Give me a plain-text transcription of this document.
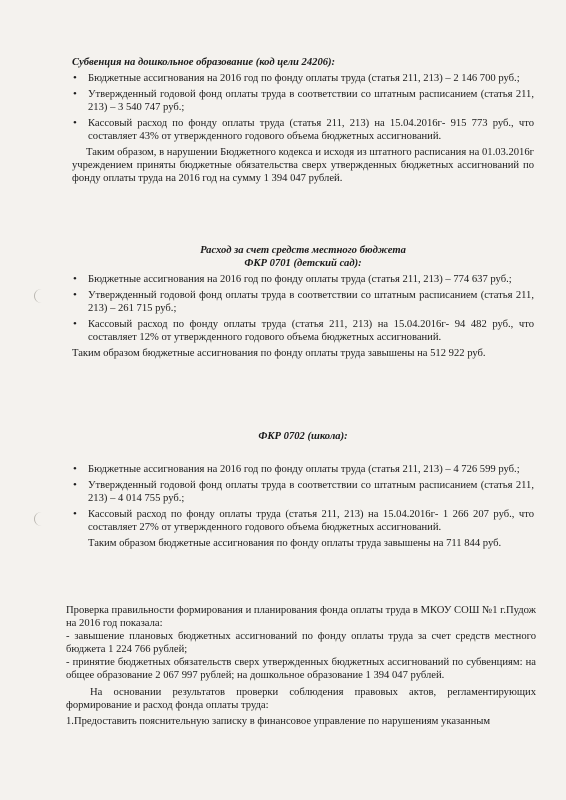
Субвенция на дошкольное образование (код цели 24206):

• Бюджетные ассигнования на 2016 год по фонду оплаты труда (статья 211, 213) – 2 146 700 руб.;
• Утвержденный годовой фонд оплаты труда в соответствии со штатным расписанием (статья 211, 213) – 3 540 747 руб.;
• Кассовый расход по фонду оплаты труда (статья 211, 213) на 15.04.2016г- 915 773 руб., что составляет 43% от утвержденного годового объема бюджетных ассигнований.

Таким образом, в нарушении Бюджетного кодекса и исходя из штатного расписания на 01.03.2016г учреждением приняты бюджетные обязательства сверх утвержденных бюджетных ассигнований по фонду оплаты труда на 2016 год на сумму 1 394 047 рублей.

Расход за счет средств местного бюджета

ФКР 0701 (детский сад):

• Бюджетные ассигнования на 2016 год по фонду оплаты труда (статья 211, 213) – 774 637 руб.;
• Утвержденный годовой фонд оплаты труда в соответствии со штатным расписанием (статья 211, 213) – 261 715 руб.;
• Кассовый расход по фонду оплаты труда (статья 211, 213) на 15.04.2016г- 94 482 руб., что составляет 12% от утвержденного годового объема бюджетных ассигнований.

Таким образом бюджетные ассигнования по фонду оплаты труда завышены на 512 922 руб.

ФКР 0702 (школа):

• Бюджетные ассигнования на 2016 год по фонду оплаты труда (статья 211, 213) – 4 726 599 руб.;
• Утвержденный годовой фонд оплаты труда в соответствии со штатным расписанием (статья 211, 213) – 4 014 755 руб.;
• Кассовый расход по фонду оплаты труда (статья 211, 213) на 15.04.2016г- 1 266 207 руб., что составляет 27% от утвержденного годового объема бюджетных ассигнований.

Таким образом бюджетные ассигнования по фонду оплаты труда завышены на 711 844 руб.

Проверка правильности формирования и планирования фонда оплаты труда в МКОУ СОШ №1 г.Пудож на 2016 год показала:

- завышение плановых бюджетных ассигнований по фонду оплаты труда за счет средств местного бюджета 1 224 766 рублей;

- принятие бюджетных обязательств сверх утвержденных бюджетных ассигнований по субвенциям: на общее образование 2 067 997 рублей; на дошкольное образование 1 394 047 рублей.

На основании результатов проверки соблюдения правовых актов, регламентирующих формирование и расход фонда оплаты труда:

1.Предоставить пояснительную записку в финансовое управление по нарушениям указанным
